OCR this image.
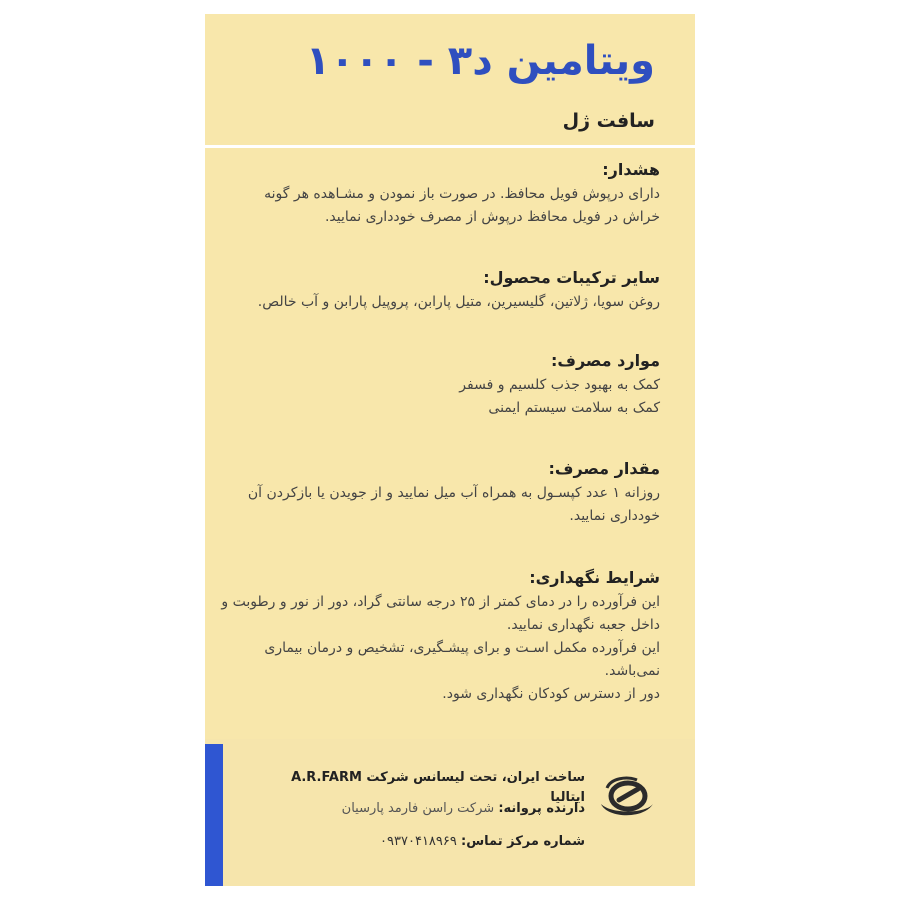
ویتامین د۳ - ۱۰۰۰
سافت ژل
هشدار:

دارای درپوش فویل محافظ. در صورت باز نمودن و مشـاهده هر گونه

خراش در فویل محافظ درپوش از مصرف خودداری نمایید.

سایر ترکیبات محصول:

روغن سویا، ژلاتین، گلیسیرین، متیل پارابن، پروپیل پارابن و آب خالص.

موارد مصرف:

کمک به بهبود جذب کلسیم و فسفر

کمک به سلامت سیستم ایمنی

مقدار مصرف:

روزانه ۱ عدد کپسـول به همراه آب میل نمایید و از جویدن یا بازکردن آن

خودداری نمایید.

شرایط نگهداری:

این فرآورده را در دمای کمتر از ۲۵ درجه سانتی گراد، دور از نور و رطوبت و

داخل جعبه نگهداری نمایید.

این فرآورده مکمل اسـت و برای پیشـگیری، تشخیص و درمان بیماری

نمی‌باشد.

دور از دسترس کودکان نگهداری شود.

ساخت ایران، تحت لیسانس شرکت A.R.FARM ایتالیا
دارنده پروانه: شرکت راسن فارمد پارسیان
شماره مرکز تماس: ۰۹۳۷۰۴۱۸۹۶۹
